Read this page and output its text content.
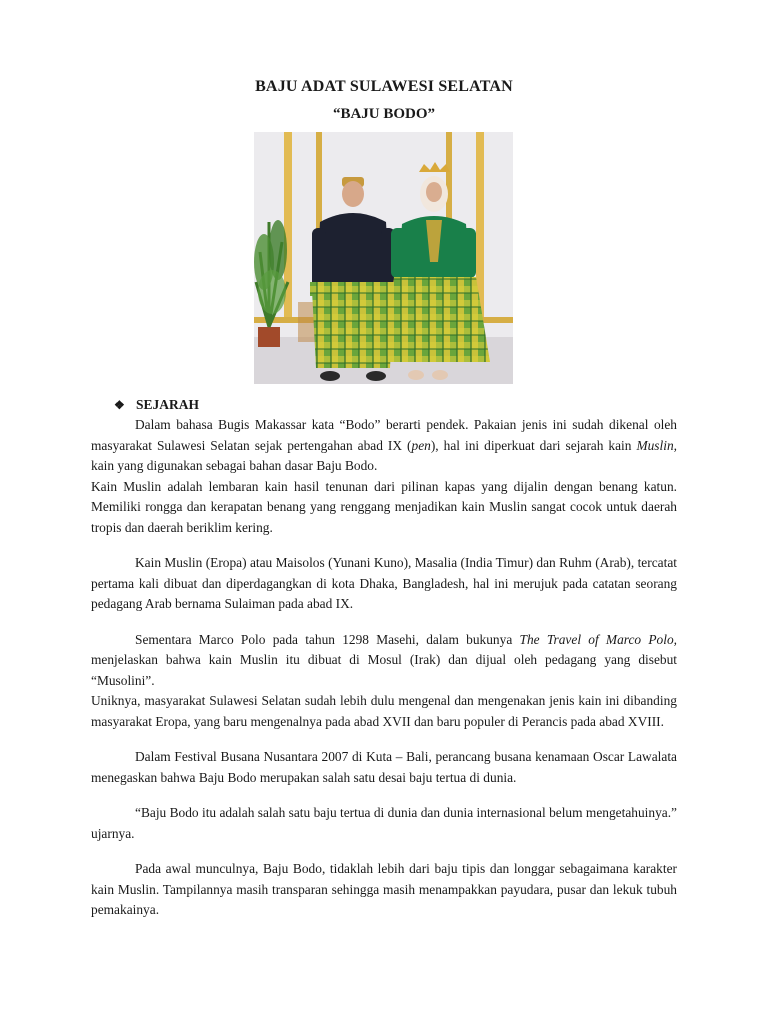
BAJU ADAT SULAWESI SELATAN
“BAJU BODO”
❖ SEJARAH

Dalam bahasa Bugis Makassar kata “Bodo” berarti pendek. Pakaian jenis ini sudah dikenal oleh masyarakat Sulawesi Selatan sejak pertengahan abad IX (pen), hal ini diperkuat dari sejarah kain Muslin, kain yang digunakan sebagai bahan dasar Baju Bodo.

Kain Muslin adalah lembaran kain hasil tenunan dari pilinan kapas yang dijalin dengan benang katun. Memiliki rongga dan kerapatan benang yang renggang menjadikan kain Muslin sangat cocok untuk daerah tropis dan daerah beriklim kering.

Kain Muslin (Eropa) atau Maisolos (Yunani Kuno), Masalia (India Timur) dan Ruhm (Arab), tercatat pertama kali dibuat dan diperdagangkan di kota Dhaka, Bangladesh, hal ini merujuk pada catatan seorang pedagang Arab bernama Sulaiman pada abad IX.

Sementara Marco Polo pada tahun 1298 Masehi, dalam bukunya The Travel of Marco Polo, menjelaskan bahwa kain Muslin itu dibuat di Mosul (Irak) dan dijual oleh pedagang yang disebut “Musolini”.

Uniknya, masyarakat Sulawesi Selatan sudah lebih dulu mengenal dan mengenakan jenis kain ini dibanding masyarakat Eropa, yang baru mengenalnya pada abad XVII dan baru populer di Perancis pada abad XVIII.

Dalam Festival Busana Nusantara 2007 di Kuta – Bali, perancang busana kenamaan Oscar Lawalata menegaskan bahwa Baju Bodo merupakan salah satu desai baju tertua di dunia.

“Baju Bodo itu adalah salah satu baju tertua di dunia dan dunia internasional belum mengetahuinya.” ujarnya.

Pada awal munculnya, Baju Bodo, tidaklah lebih dari baju tipis dan longgar sebagaimana karakter kain Muslin. Tampilannya masih transparan sehingga masih menampakkan payudara, pusar dan lekuk tubuh pemakainya.
